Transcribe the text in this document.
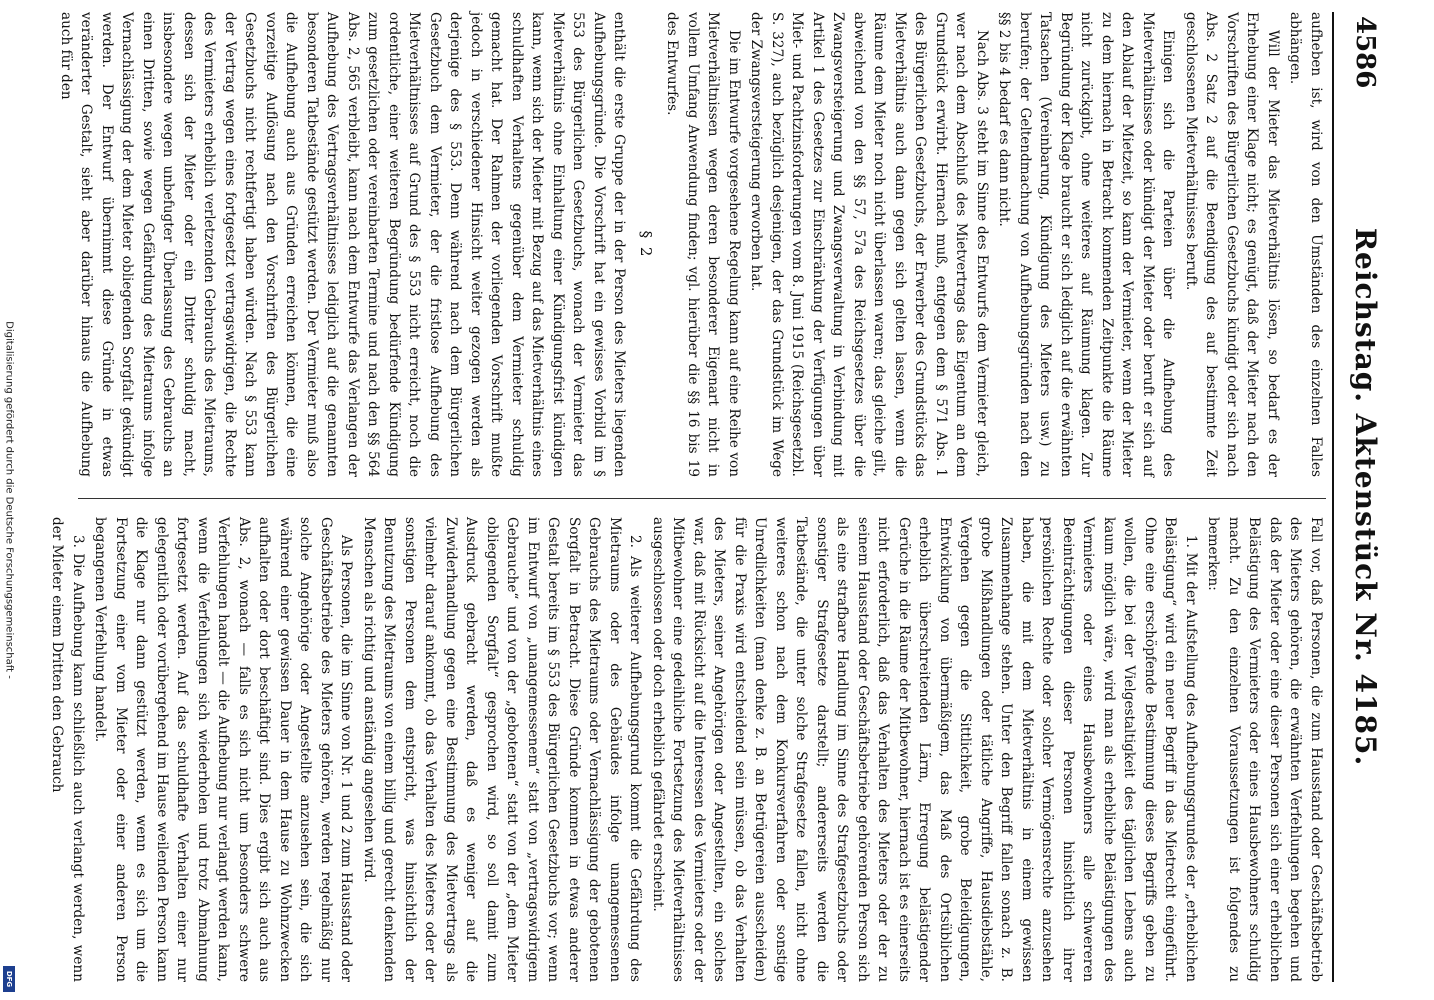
Digitalisierung gefördert durch die Deutsche Forschungsgemeinschaft -
DFG
4586
Reichstag. Aktenstück Nr. 4185.

aufheben ist, wird von den Umständen des einzelnen Falles abhängen.

Will der Mieter das Mietverhältnis lösen, so bedarf es der Erhebung einer Klage nicht; es genügt, daß der Mieter nach den Vorschriften des Bürgerlichen Gesetzbuchs kündigt oder sich nach Abs. 2 Satz 2 auf die Beendigung des auf bestimmte Zeit geschlossenen Mietverhältnisses beruft.

Einigen sich die Parteien über die Aufhebung des Mietverhältnisses oder kündigt der Mieter oder beruft er sich auf den Ablauf der Mietzeit, so kann der Vermieter, wenn der Mieter zu dem hiernach in Betracht kommenden Zeitpunkte die Räume nicht zurückgibt, ohne weiteres auf Räumung klagen. Zur Begründung der Klage braucht er sich lediglich auf die erwähnten Tatsachen (Vereinbarung, Kündigung des Mieters usw.) zu berufen; der Geltendmachung von Aufhebungsgründen nach den §§ 2 bis 4 bedarf es dann nicht.

Nach Abs. 3 steht im Sinne des Entwurfs dem Vermieter gleich, wer nach dem Abschluß des Mietvertrags das Eigentum an dem Grundstück erwirbt. Hiernach muß, entgegen dem § 571 Abs. 1 des Bürgerlichen Gesetzbuchs, der Erwerber des Grundstücks das Mietverhältnis auch dann gegen sich gelten lassen, wenn die Räume dem Mieter noch nicht überlassen waren; das gleiche gilt, abweichend von den §§ 57, 57a des Reichsgesetzes über die Zwangsversteigerung und Zwangsverwaltung in Verbindung mit Artikel 1 des Gesetzes zur Einschränkung der Verfügungen über Miet- und Pachtzinsforderungen vom 8. Juni 1915 (Reichsgesetzbl. S. 327), auch bezüglich desjenigen, der das Grundstück im Wege der Zwangsversteigerung erworben hat.

Die im Entwurfe vorgesehene Regelung kann auf eine Reihe von Mietverhältnissen wegen deren besonderer Eigenart nicht in vollem Umfang Anwendung finden; vgl. hierüber die §§ 16 bis 19 des Entwurfes.

§ 2

enthält die erste Gruppe der in der Person des Mieters liegenden Aufhebungsgründe. Die Vorschrift hat ein gewisses Vorbild im § 553 des Bürgerlichen Gesetzbuchs, wonach der Vermieter das Mietverhältnis ohne Einhaltung einer Kündigungsfrist kündigen kann, wenn sich der Mieter mit Bezug auf das Mietverhältnis eines schuldhaften Verhaltens gegenüber dem Vermieter schuldig gemacht hat. Der Rahmen der vorliegenden Vorschrift mußte jedoch in verschiedener Hinsicht weiter gezogen werden als derjenige des § 553. Denn während nach dem Bürgerlichen Gesetzbuch dem Vermieter, der die fristlose Aufhebung des Mietverhältnisses auf Grund des § 553 nicht erreicht, noch die ordentliche, einer weiteren Begründung bedürfende Kündigung zum gesetzlichen oder vereinbarten Termine und nach den §§ 564 Abs. 2, 565 verbleibt, kann nach dem Entwurfe das Verlangen der Aufhebung des Vertragsverhältnisses lediglich auf die genannten besonderen Tatbestände gestützt werden. Der Vermieter muß also die Aufhebung auch aus Gründen erreichen können, die eine vorzeitige Auflösung nach den Vorschriften des Bürgerlichen Gesetzbuchs nicht rechtfertigt haben würden. Nach § 553 kann der Vertrag wegen eines fortgesetzt vertragswidrigen, die Rechte des Vermieters erheblich verletzenden Gebrauchs des Mietraums, dessen sich der Mieter oder ein Dritter schuldig macht, insbesondere wegen unbefugter Überlassung des Gebrauchs an einen Dritten, sowie wegen Gefährdung des Mietraums infolge Vernachlässigung der dem Mieter obliegenden Sorgfalt gekündigt werden. Der Entwurf übernimmt diese Gründe in etwas veränderter Gestalt, sieht aber darüber hinaus die Aufhebung auch für den

Fall vor, daß Personen, die zum Hausstand oder Geschäftsbetrieb des Mieters gehören, die erwähnten Verfehlungen begehen und daß der Mieter oder eine dieser Personen sich einer erheblichen Belästigung des Vermieters oder eines Hausbewohners schuldig macht. Zu den einzelnen Voraussetzungen ist folgendes zu bemerken:

1. Mit der Aufstellung des Aufhebungsgrundes der „erheblichen Belästigung“ wird ein neuer Begriff in das Mietrecht eingeführt. Ohne eine erschöpfende Bestimmung dieses Begriffs geben zu wollen, die bei der Vielgestaltigkeit des täglichen Lebens auch kaum möglich wäre, wird man als erhebliche Belästigungen des Vermieters oder eines Hausbewohners alle schwereren Beeinträchtigungen dieser Personen hinsichtlich ihrer persönlichen Rechte oder solcher Vermögensrechte anzusehen haben, die mit dem Mietverhältnis in einem gewissen Zusammenhange stehen. Unter den Begriff fallen sonach z. B. grobe Mißhandlungen oder tätliche Angriffe, Hausdiebstähle, Vergehen gegen die Sittlichkeit, grobe Beleidigungen, Entwicklung von übermäßigem, das Maß des Ortsüblichen erheblich überschreitenden Lärm, Erregung belästigender Gerüche in die Räume der Mitbewohner, hiernach ist es einerseits nicht erforderlich, daß das Verhalten des Mieters oder der zu seinem Hausstand oder Geschäftsbetriebe gehörenden Person sich als eine strafbare Handlung im Sinne des Strafgesetzbuchs oder sonstiger Strafgesetze darstellt; andererseits werden die Tatbestände, die unter solche Strafgesetze fallen, nicht ohne weiteres schon nach dem Konkursverfahren oder sonstige Unredlichkeiten (man denke z. B. an Betrügereien ausscheiden) für die Praxis wird entscheidend sein müssen, ob das Verhalten des Mieters, seiner Angehörigen oder Angestellten, ein solches war, daß mit Rücksicht auf die Interessen des Vermieters oder der Mitbewohner eine gedeihliche Fortsetzung des Mietverhältnisses ausgeschlossen oder doch erheblich gefährdet erscheint.

2. Als weiterer Aufhebungsgrund kommt die Gefährdung des Mietraums oder des Gebäudes infolge unangemessenen Gebrauchs des Mietraums oder Vernachlässigung der gebotenen Sorgfalt in Betracht. Diese Gründe kommen in etwas anderer Gestalt bereits im § 553 des Bürgerlichen Gesetzbuchs vor; wenn im Entwurf von „unangemessenem“ statt von „vertragswidrigem Gebrauche“ und von der „gebotenen“ statt von der „dem Mieter obliegenden Sorgfalt“ gesprochen wird, so soll damit zum Ausdruck gebracht werden, daß es weniger auf die Zuwiderhandlung gegen eine Bestimmung des Mietvertrags als vielmehr darauf ankommt, ob das Verhalten des Mieters oder der sonstigen Personen dem entspricht, was hinsichtlich der Benutzung des Mietraums von einem billig und gerecht denkenden Menschen als richtig und anständig angesehen wird.

Als Personen, die im Sinne von Nr. 1 und 2 zum Hausstand oder Geschäftsbetriebe des Mieters gehören, werden regelmäßig nur solche Angehörige oder Angestellte anzusehen sein, die sich während einer gewissen Dauer in dem Hause zu Wohnzwecken aufhalten oder dort beschäftigt sind. Dies ergibt sich auch aus Abs. 2, wonach — falls es sich nicht um besonders schwere Verfehlungen handelt — die Aufhebung nur verlangt werden kann, wenn die Verfehlungen sich wiederholen und trotz Abmahnung fortgesetzt werden. Auf das schuldhafte Verhalten einer nur gelegentlich oder vorübergehend im Hause weilenden Person kann die Klage nur dann gestützt werden, wenn es sich um die Fortsetzung einer vom Mieter oder einer anderen Person begangenen Verfehlung handelt.

3. Die Aufhebung kann schließlich auch verlangt werden, wenn der Mieter einem Dritten den Gebrauch
